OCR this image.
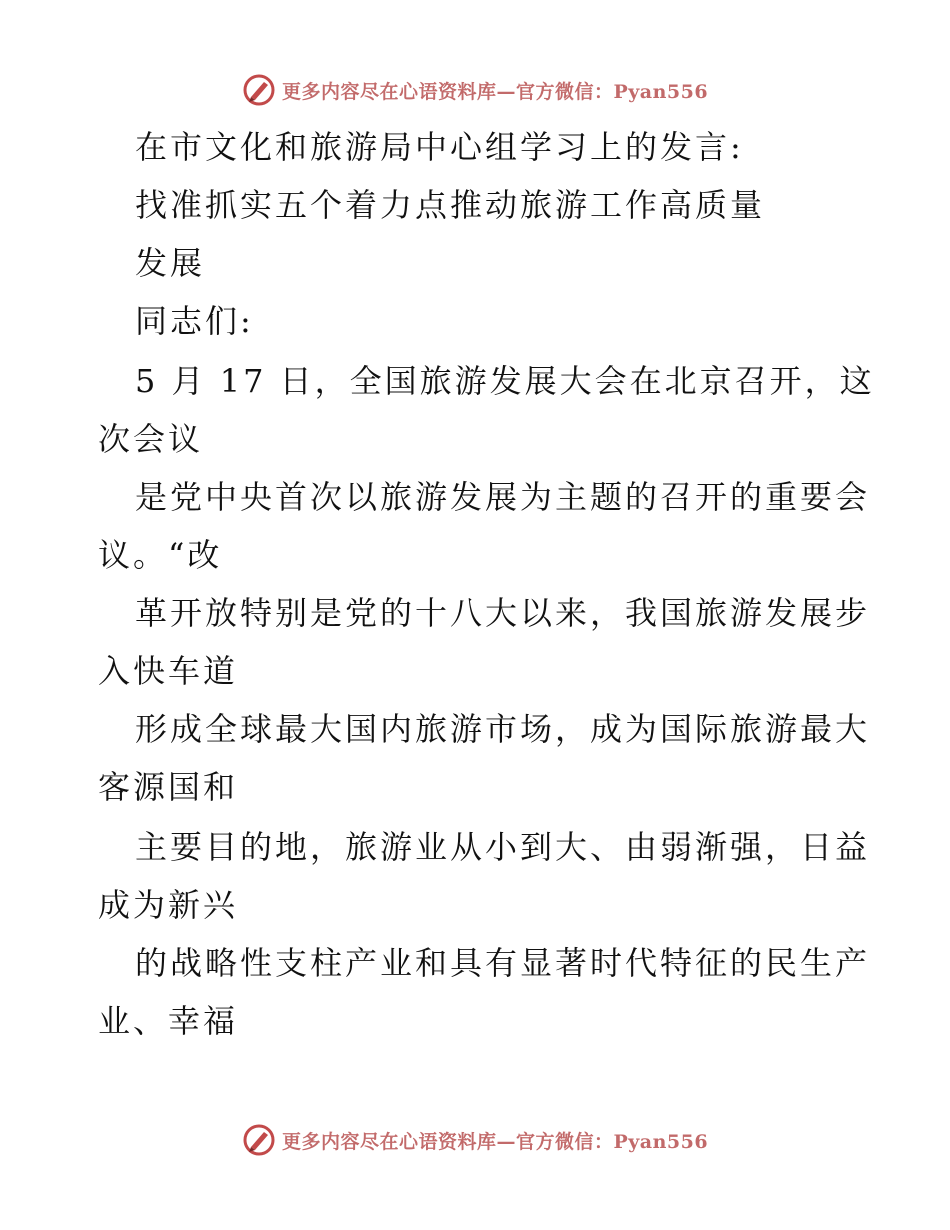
更多内容尽在心语资料库—官方微信：Pyan556
在市文化和旅游局中心组学习上的发言:
找准抓实五个着力点推动旅游工作高质量
发展
同志们:
5 月 17 日，全国旅游发展大会在北京召开，这
次会议
是党中央首次以旅游发展为主题的召开的重要会
议。“改
革开放特别是党的十八大以来，我国旅游发展步
入快车道
形成全球最大国内旅游市场，成为国际旅游最大
客源国和
主要目的地，旅游业从小到大、由弱渐强，日益
成为新兴
的战略性支柱产业和具有显著时代特征的民生产
业、幸福
更多内容尽在心语资料库—官方微信：Pyan556
